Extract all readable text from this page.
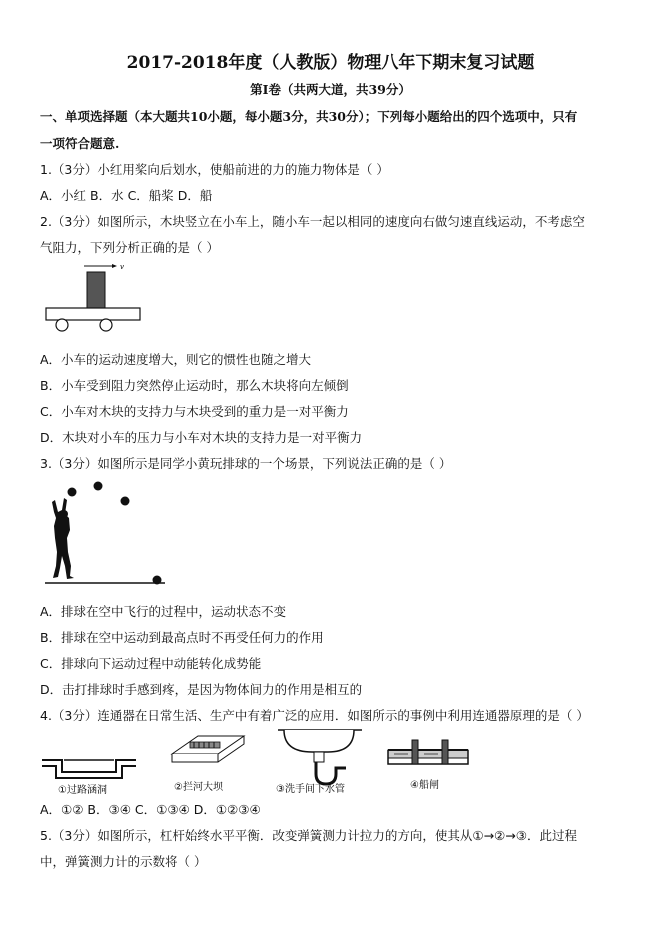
2017-2018年度（人教版）物理八年下期末复习试题
第Ⅰ卷（共两大道，共39分）
一、单项选择题（本大题共10小题，每小题3分，共30分）；下列每小题给出的四个选项中，只有
一项符合题意.
1.（3分）小红用桨向后划水，使船前进的力的施力物体是（ ）
A．小红 B．水 C．船桨 D．船
2.（3分）如图所示，木块竖立在小车上，随小车一起以相同的速度向右做匀速直线运动，不考虑空
气阻力，下列分析正确的是（ ）
v
A．小车的运动速度增大，则它的惯性也随之增大
B．小车受到阻力突然停止运动时，那么木块将向左倾倒
C．小车对木块的支持力与木块受到的重力是一对平衡力
D．木块对小车的压力与小车对木块的支持力是一对平衡力
3.（3分）如图所示是同学小黄玩排球的一个场景，下列说法正确的是（ ）
A．排球在空中飞行的过程中，运动状态不变
B．排球在空中运动到最高点时不再受任何力的作用
C．排球向下运动过程中动能转化成势能
D．击打排球时手感到疼，是因为物体间力的作用是相互的
4.（3分）连通器在日常生活、生产中有着广泛的应用．如图所示的事例中利用连通器原理的是（ ）
①过路涵洞	②拦河大坝	③洗手间下水管	④船闸
A．①② B．③④ C．①③④ D．①②③④
5.（3分）如图所示，杠杆始终水平平衡．改变弹簧测力计拉力的方向，使其从①→②→③．此过程
中，弹簧测力计的示数将（ ）
